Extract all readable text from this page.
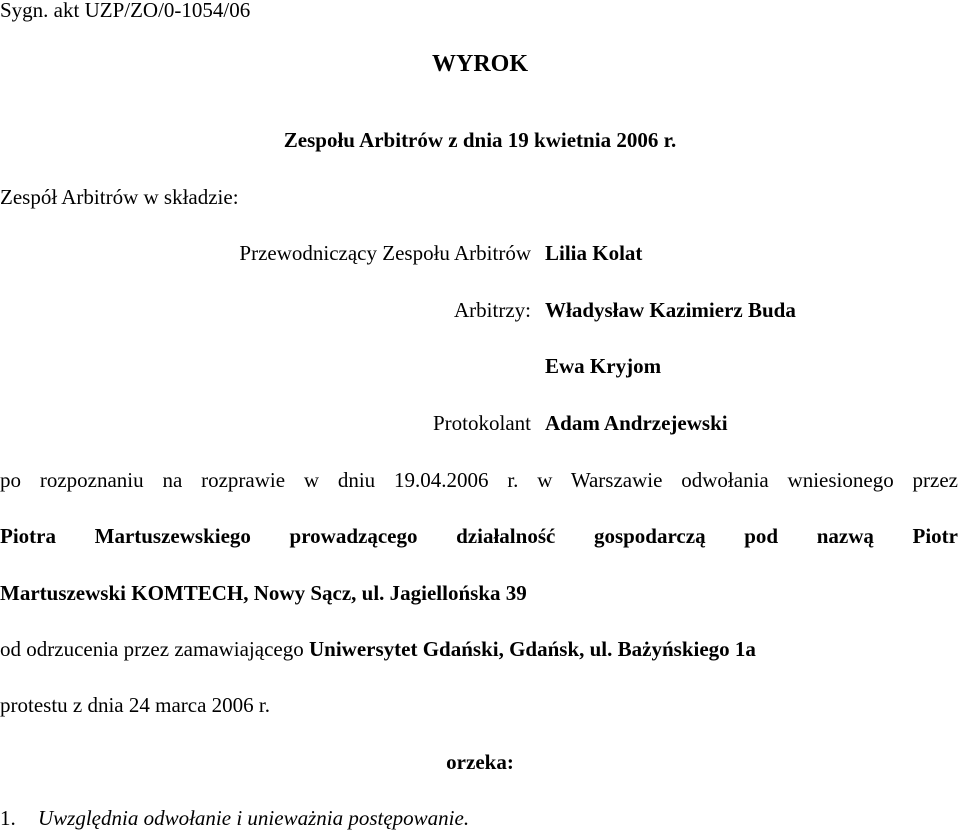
Sygn. akt UZP/ZO/0-1054/06
WYROK
Zespołu Arbitrów z dnia 19 kwietnia 2006 r.
Zespół Arbitrów w składzie:
Przewodniczący Zespołu Arbitrów Lilia Kolat
Arbitrzy: Władysław Kazimierz Buda
Ewa Kryjom
Protokolant Adam Andrzejewski
po rozpoznaniu na rozprawie w dniu 19.04.2006 r. w Warszawie odwołania wniesionego przez
Piotra Martuszewskiego prowadzącego działalność gospodarczą pod nazwą Piotr
Martuszewski KOMTECH, Nowy Sącz, ul. Jagiellońska 39
od odrzucenia przez zamawiającego Uniwersytet Gdański, Gdańsk, ul. Bażyńskiego 1a
protestu z dnia 24 marca 2006 r.
orzeka:
1. Uwzględnia odwołanie i unieważnia postępowanie.
